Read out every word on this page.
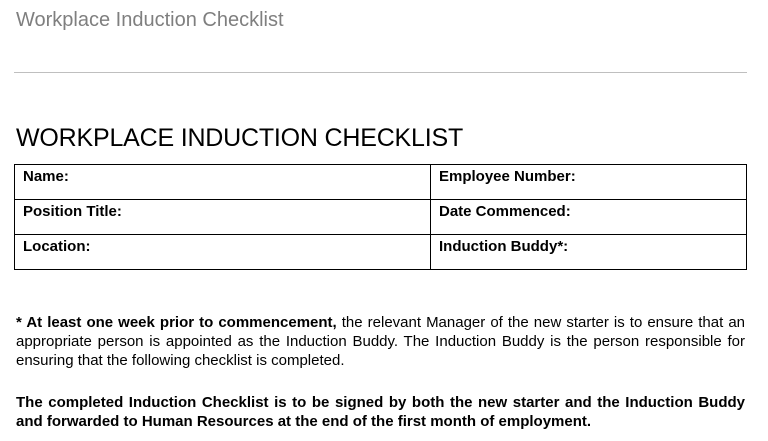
Workplace Induction Checklist
WORKPLACE INDUCTION CHECKLIST
Name:	Employee Number:
Position Title:	Date Commenced:
Location:	Induction Buddy*:
* At least one week prior to commencement, the relevant Manager of the new starter is to ensure that an appropriate person is appointed as the Induction Buddy. The Induction Buddy is the person responsible for ensuring that the following checklist is completed.
The completed Induction Checklist is to be signed by both the new starter and the Induction Buddy and forwarded to Human Resources at the end of the first month of employment.
